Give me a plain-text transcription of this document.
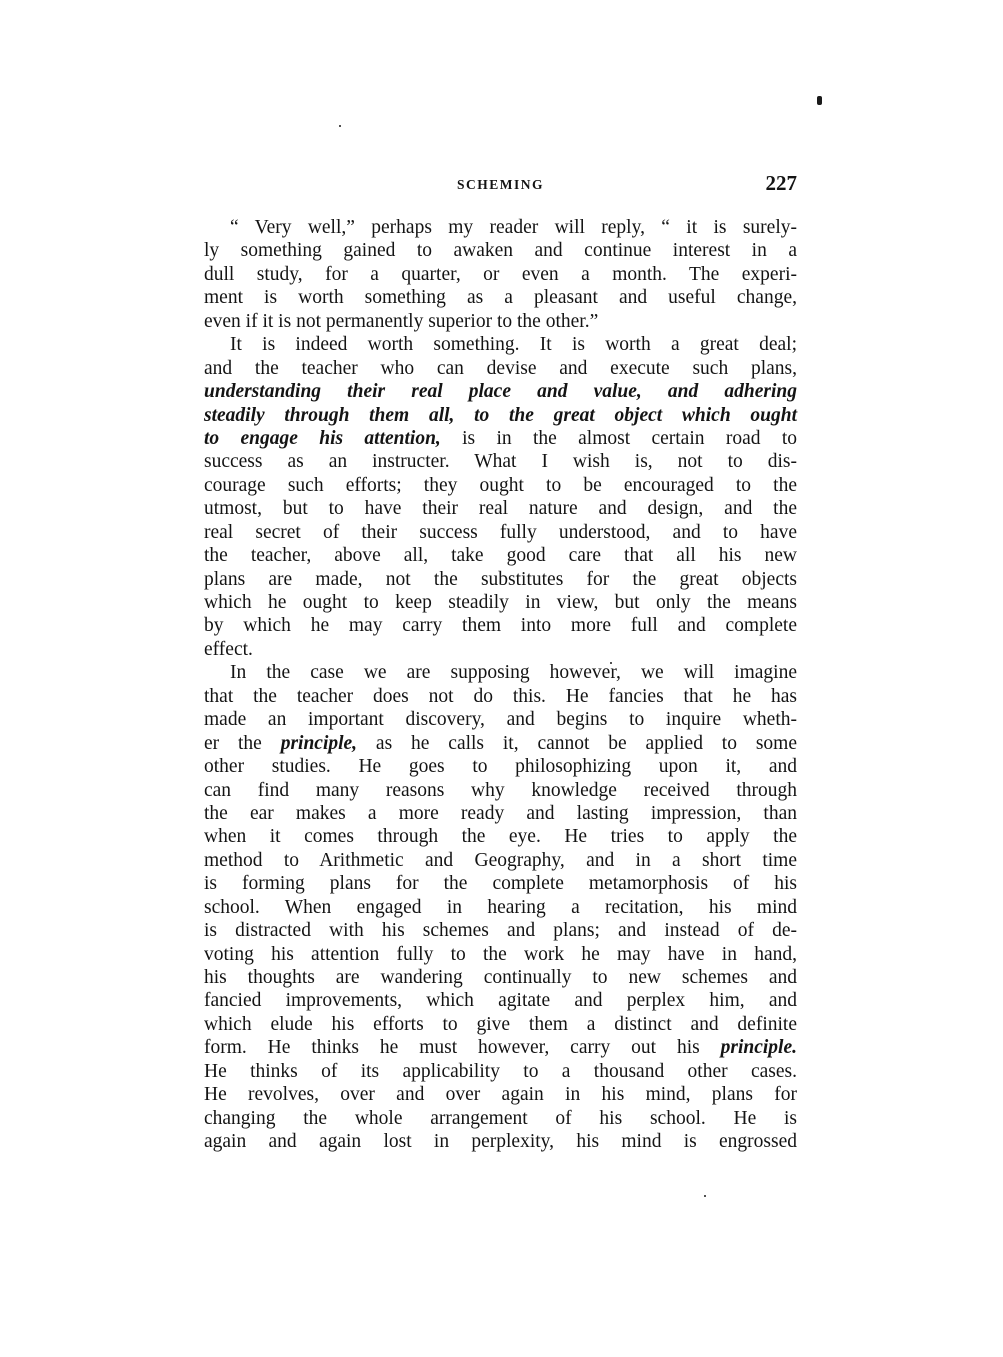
SCHEMING	227
“ Very well,” perhaps my reader will reply, “ it is surely-
ly something gained to awaken and continue interest in a
dull study, for a quarter, or even a month. The experi-
ment is worth something as a pleasant and useful change,
even if it is not permanently superior to the other.”
It is indeed worth something. It is worth a great deal;
and the teacher who can devise and execute such plans,
understanding their real place and value, and adhering
steadily through them all, to the great object which ought
to engage his attention, is in the almost certain road to
success as an instructer. What I wish is, not to dis-
courage such efforts; they ought to be encouraged to the
utmost, but to have their real nature and design, and the
real secret of their success fully understood, and to have
the teacher, above all, take good care that all his new
plans are made, not the substitutes for the great objects
which he ought to keep steadily in view, but only the means
by which he may carry them into more full and complete
effect.
In the case we are supposing however, we will imagine
that the teacher does not do this. He fancies that he has
made an important discovery, and begins to inquire wheth-
er the principle, as he calls it, cannot be applied to some
other studies. He goes to philosophizing upon it, and
can find many reasons why knowledge received through
the ear makes a more ready and lasting impression, than
when it comes through the eye. He tries to apply the
method to Arithmetic and Geography, and in a short time
is forming plans for the complete metamorphosis of his
school. When engaged in hearing a recitation, his mind
is distracted with his schemes and plans; and instead of de-
voting his attention fully to the work he may have in hand,
his thoughts are wandering continually to new schemes and
fancied improvements, which agitate and perplex him, and
which elude his efforts to give them a distinct and definite
form. He thinks he must however, carry out his principle.
He thinks of its applicability to a thousand other cases.
He revolves, over and over again in his mind, plans for
changing the whole arrangement of his school. He is
again and again lost in perplexity, his mind is engrossed
